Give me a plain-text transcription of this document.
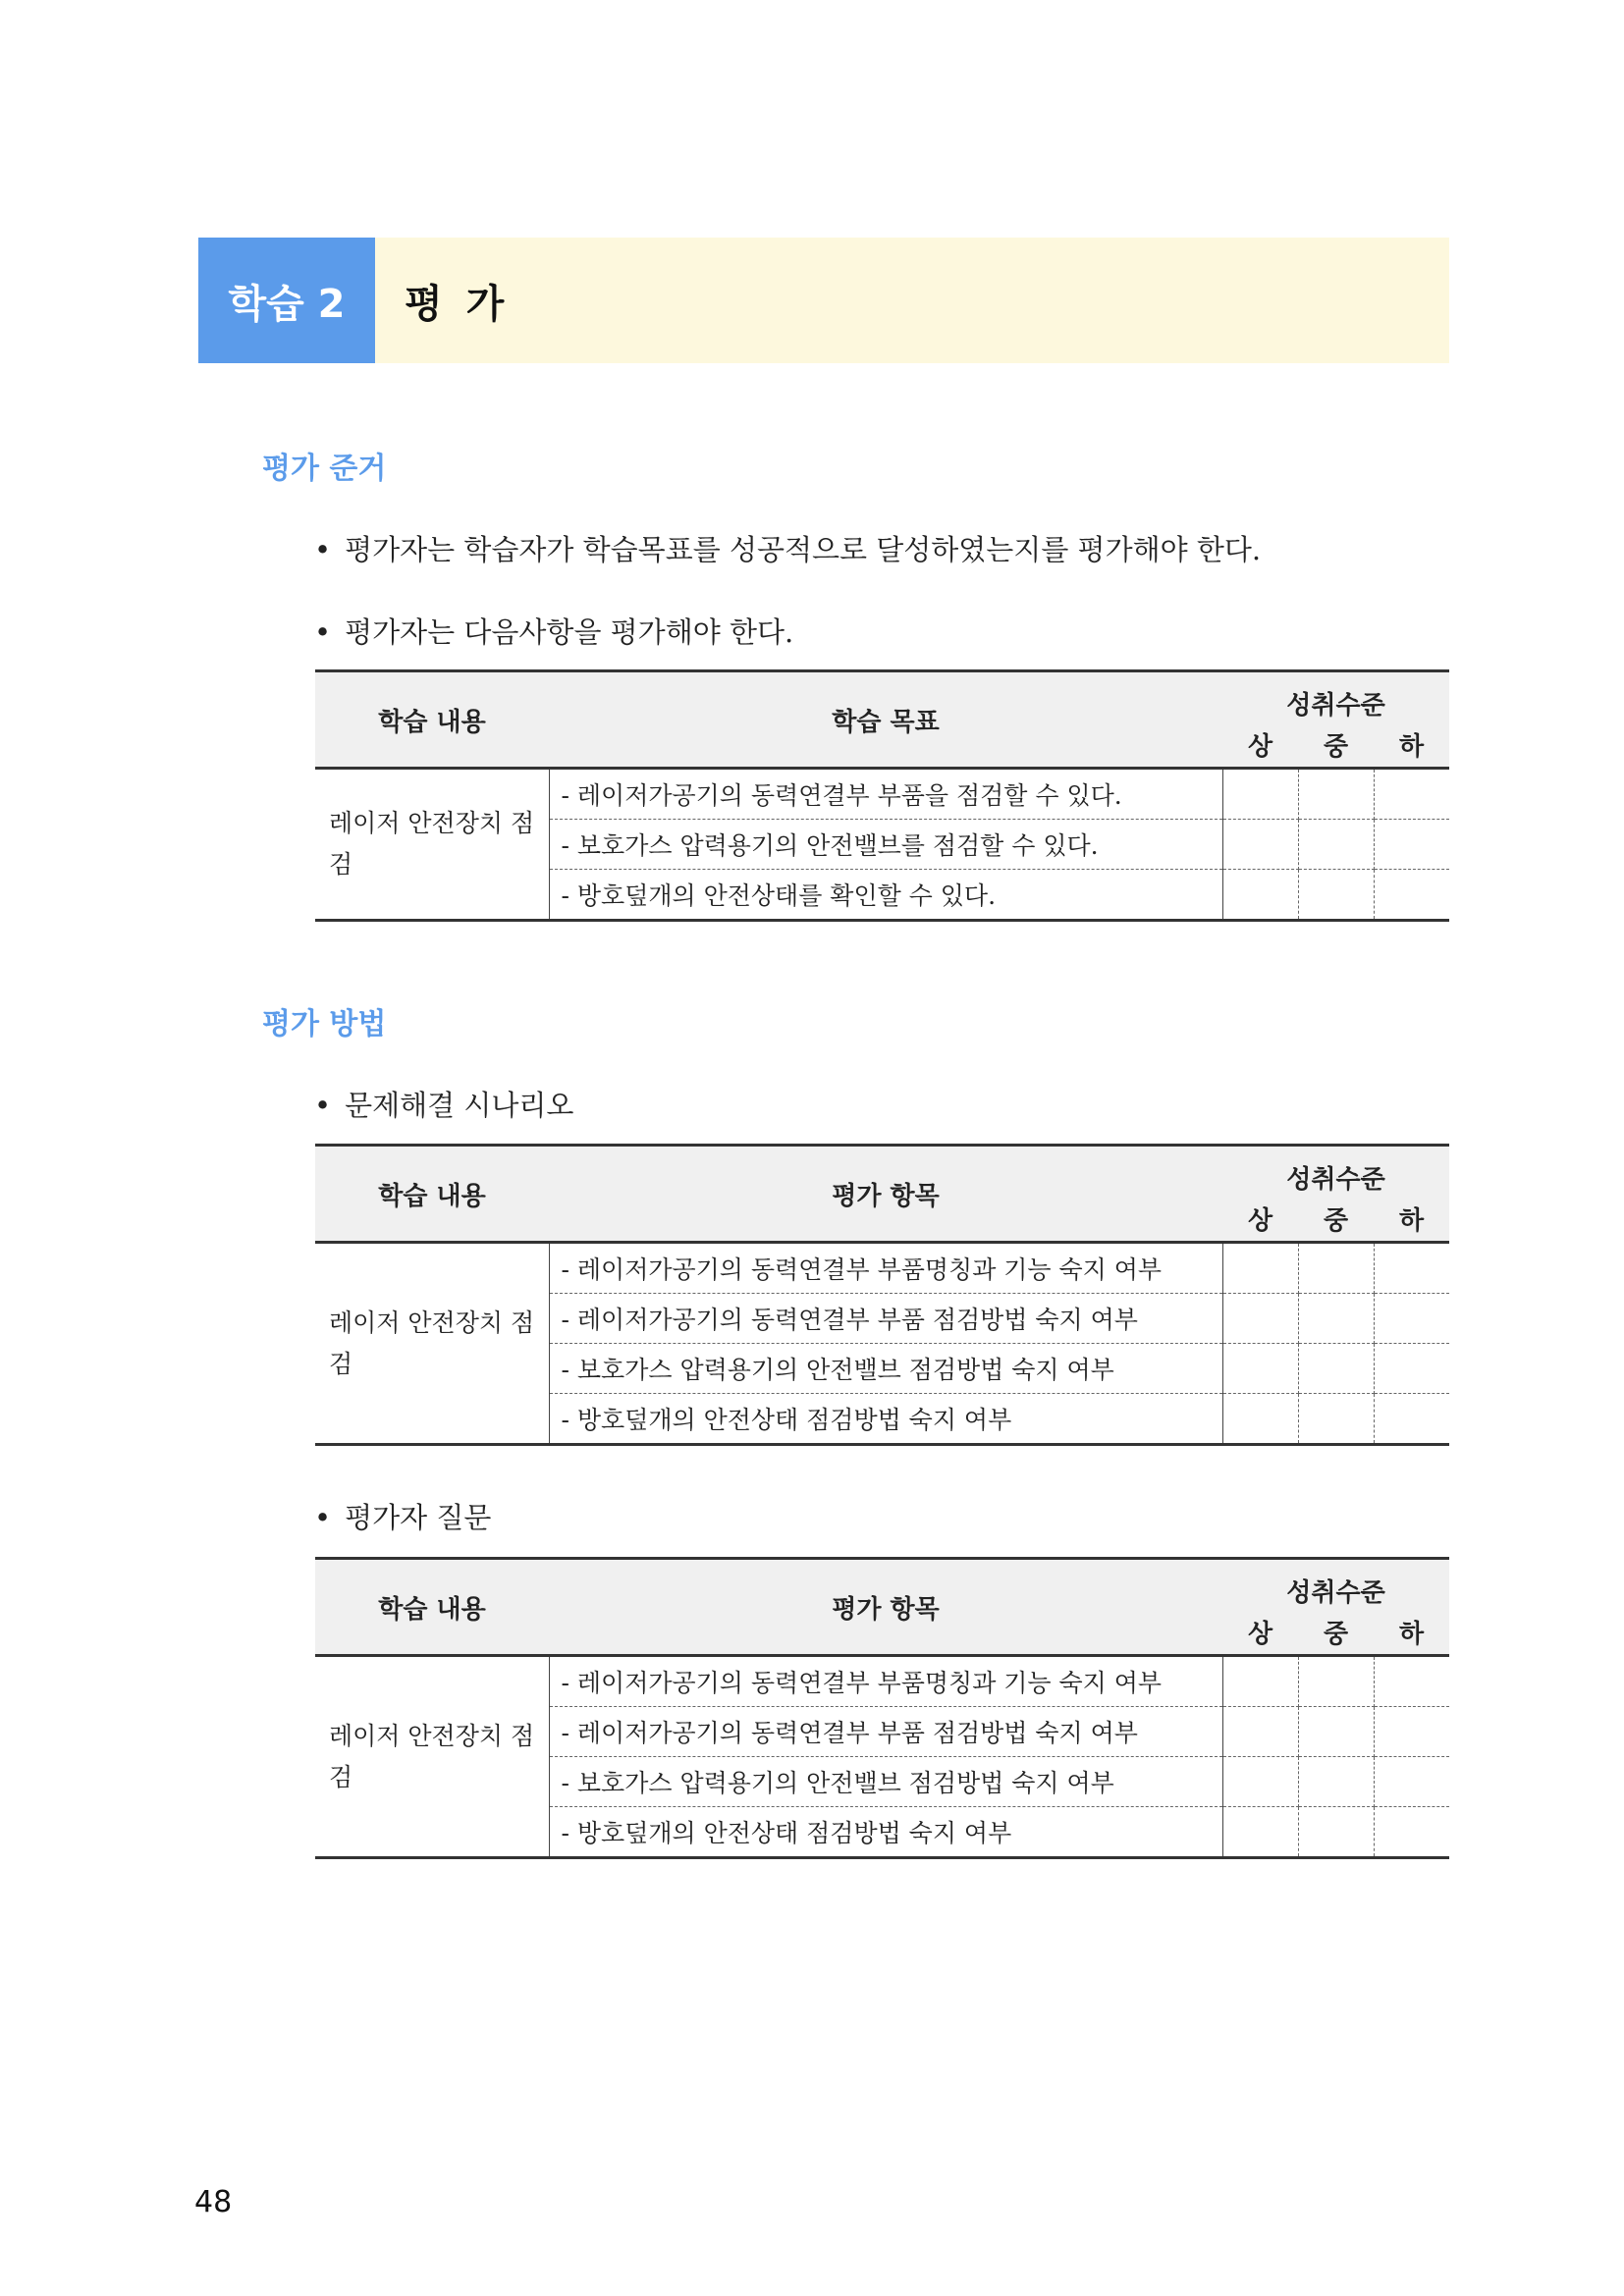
학습 2	평가
평가 준거
• 평가자는 학습자가 학습목표를 성공적으로 달성하였는지를 평가해야 한다.
• 평가자는 다음사항을 평가해야 한다.
학습 내용	학습 목표	성취수준		
		상	중	하
레이저 안전장치 점검	- 레이저가공기의 동력연결부 부품을 점검할 수 있다.			
	- 보호가스 압력용기의 안전밸브를 점검할 수 있다.			
	- 방호덮개의 안전상태를 확인할 수 있다.			
평가 방법
• 문제해결 시나리오
학습 내용	평가 항목	성취수준		
		상	중	하
레이저 안전장치 점검	- 레이저가공기의 동력연결부 부품명칭과 기능 숙지 여부			
	- 레이저가공기의 동력연결부 부품 점검방법 숙지 여부			
	- 보호가스 압력용기의 안전밸브 점검방법 숙지 여부			
	- 방호덮개의 안전상태 점검방법 숙지 여부			
• 평가자 질문
학습 내용	평가 항목	성취수준		
		상	중	하
레이저 안전장치 점검	- 레이저가공기의 동력연결부 부품명칭과 기능 숙지 여부			
	- 레이저가공기의 동력연결부 부품 점검방법 숙지 여부			
	- 보호가스 압력용기의 안전밸브 점검방법 숙지 여부			
	- 방호덮개의 안전상태 점검방법 숙지 여부			
48
